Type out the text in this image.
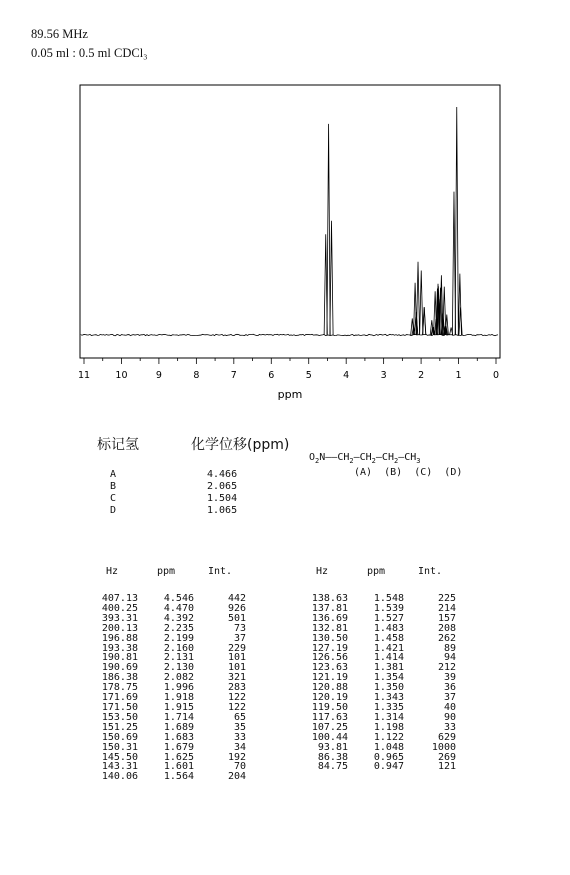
89.56 MHz
0.05 ml : 0.5 ml CDCl₃
11	10	9	8	7	6	5	4	3	2	1	0
ppm
标记氢	化学位移(ppm)
A	4.466
B	2.065
C	1.504
D	1.065
$O_2N——CH_2—CH_2—CH_2—CH_3$
(A)  (B)  (C)  (D)
Hz	ppm	Int.
407.13	4.546	442
400.25	4.470	926
393.31	4.392	501
200.13	2.235	73
196.88	2.199	37
193.38	2.160	229
190.81	2.131	101
190.69	2.130	101
186.38	2.082	321
178.75	1.996	283
171.69	1.918	122
171.50	1.915	122
153.50	1.714	65
151.25	1.689	35
150.69	1.683	33
150.31	1.679	34
145.50	1.625	192
143.31	1.601	70
140.06	1.564	204
Hz	ppm	Int.
138.63	1.548	225
137.81	1.539	214
136.69	1.527	157
132.81	1.483	208
130.50	1.458	262
127.19	1.421	89
126.56	1.414	94
123.63	1.381	212
121.19	1.354	39
120.88	1.350	36
120.19	1.343	37
119.50	1.335	40
117.63	1.314	90
107.25	1.198	33
100.44	1.122	629
93.81	1.048	1000
86.38	0.965	269
84.75	0.947	121
